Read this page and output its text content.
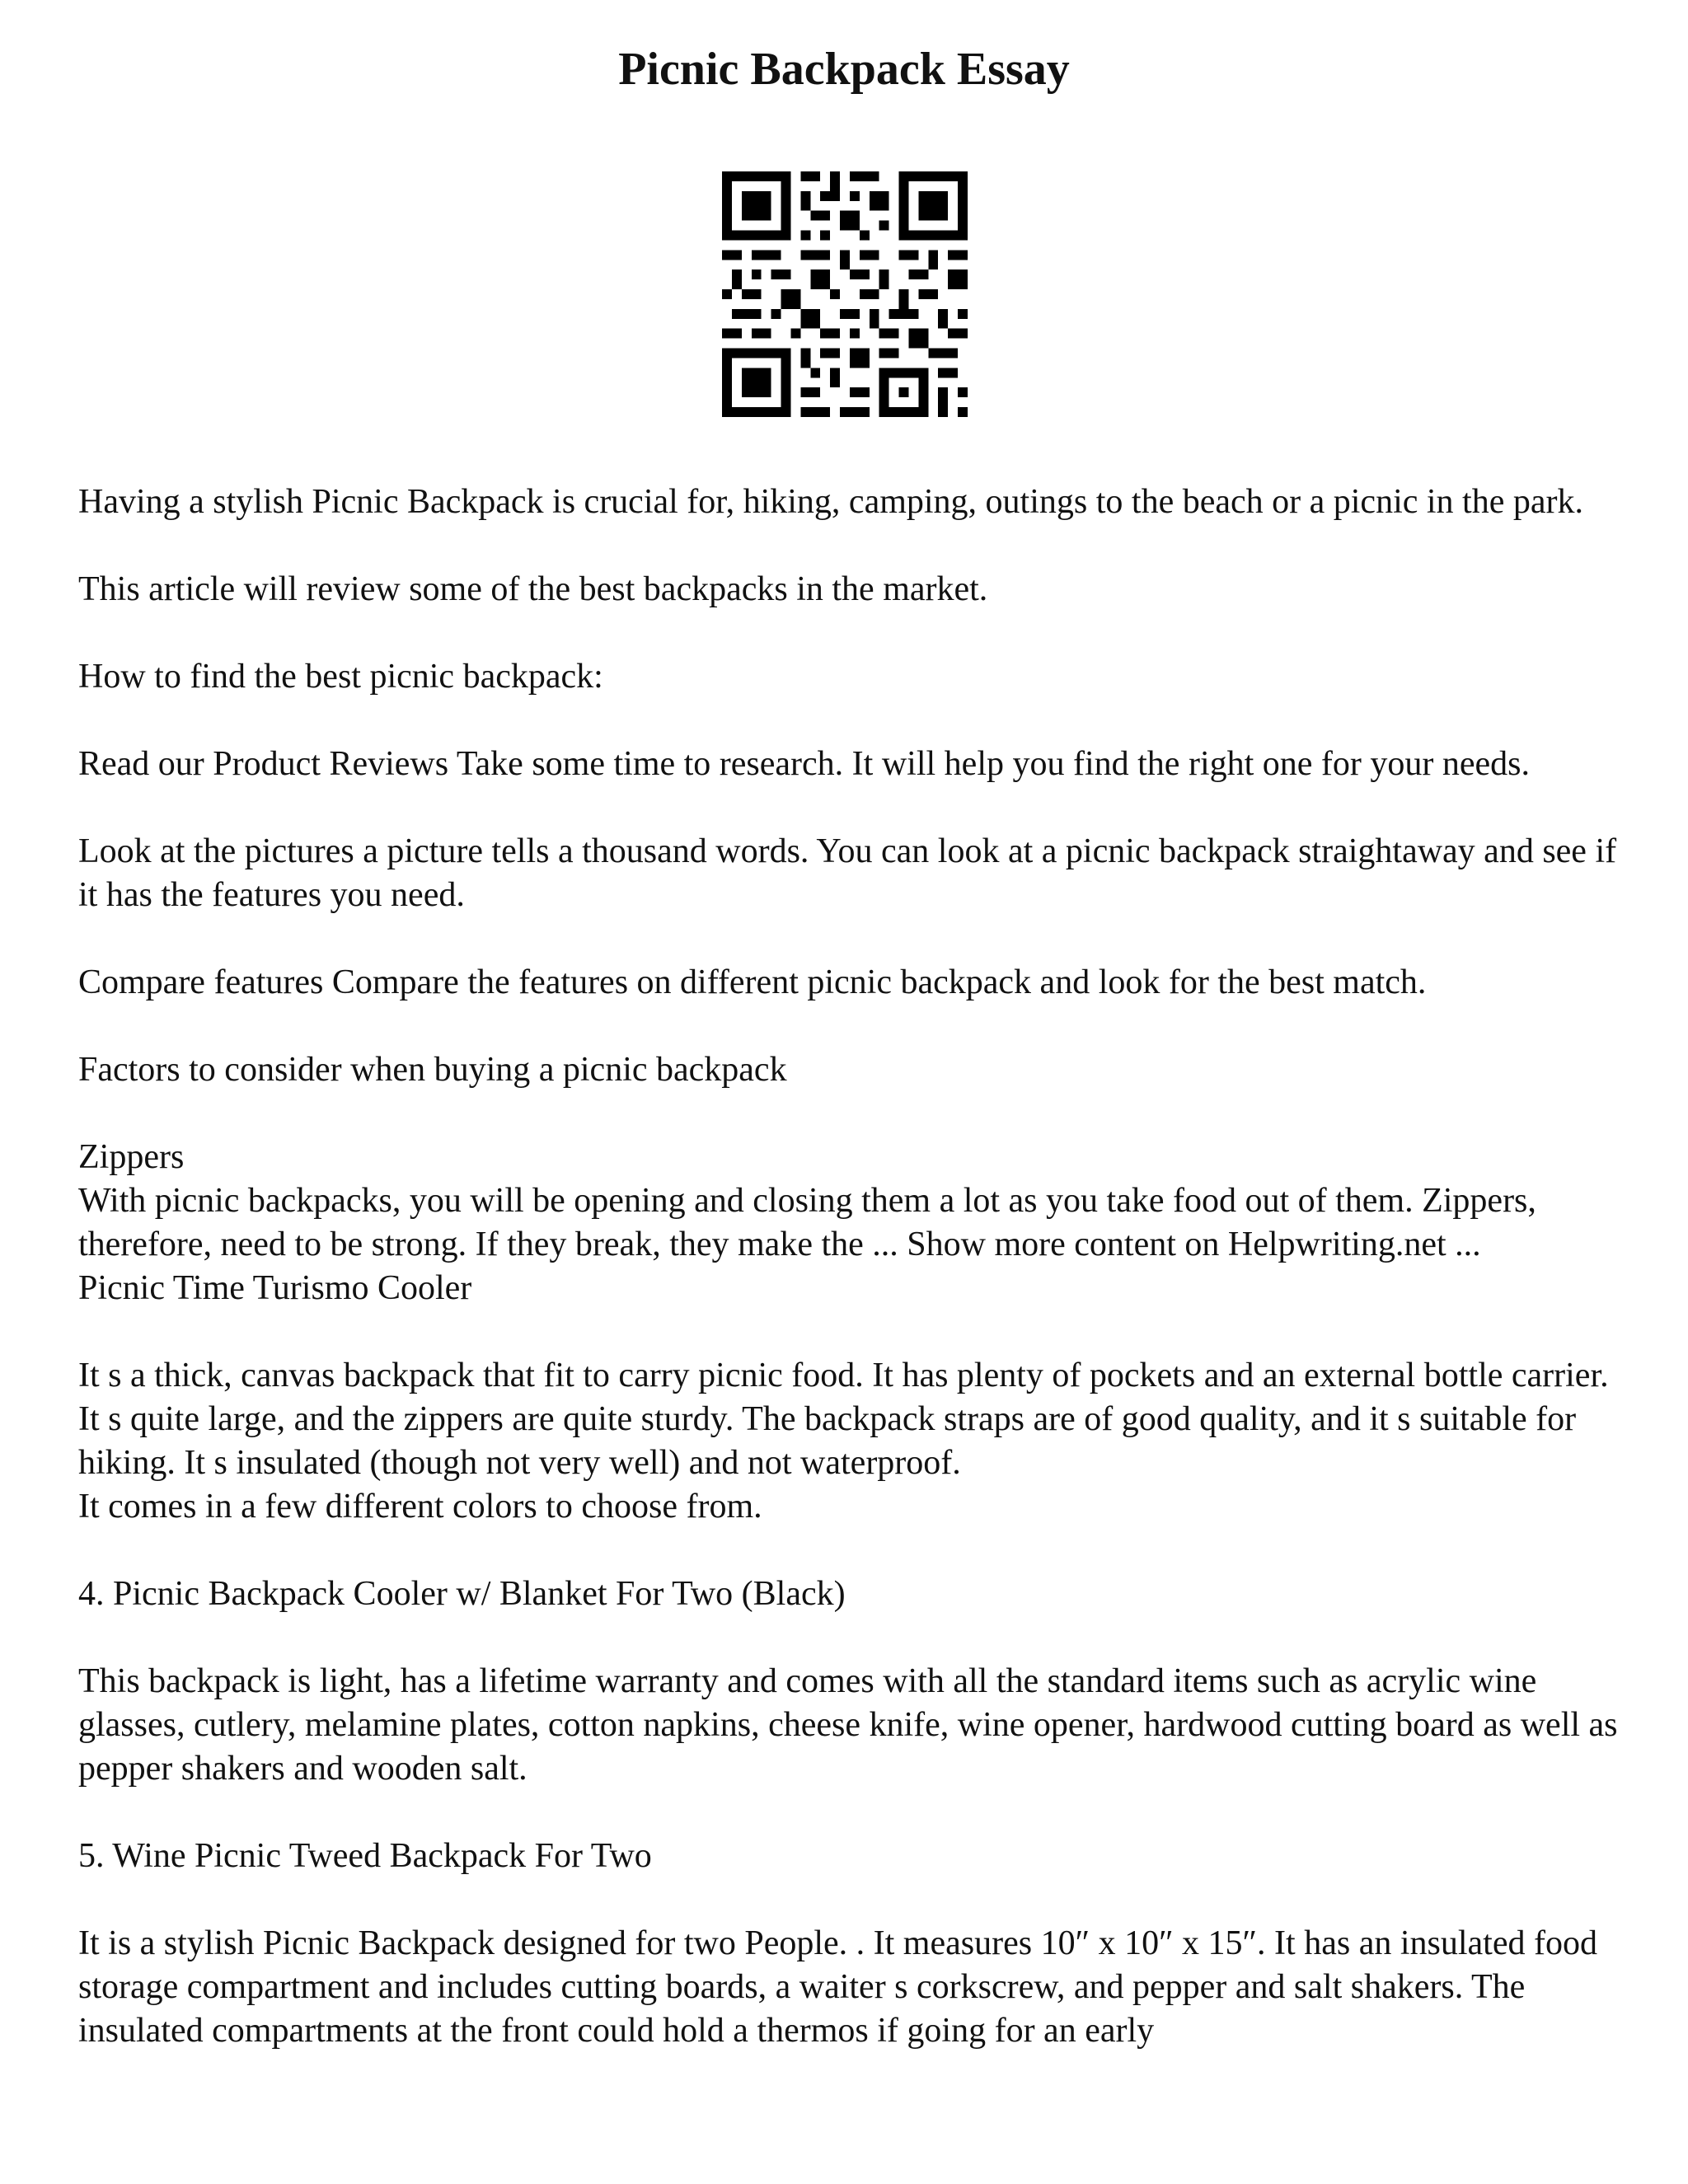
Picnic Backpack Essay

Having a stylish Picnic Backpack is crucial for, hiking, camping, outings to the beach or a picnic in the park.

This article will review some of the best backpacks in the market.

How to find the best picnic backpack:

Read our Product Reviews Take some time to research. It will help you find the right one for your needs.

Look at the pictures a picture tells a thousand words. You can look at a picnic backpack straightaway and see if it has the features you need.

Compare features Compare the features on different picnic backpack and look for the best match.

Factors to consider when buying a picnic backpack

Zippers

With picnic backpacks, you will be opening and closing them a lot as you take food out of them. Zippers, therefore, need to be strong. If they break, they make the ... Show more content on Helpwriting.net ...

Picnic Time Turismo Cooler

It s a thick, canvas backpack that fit to carry picnic food. It has plenty of pockets and an external bottle carrier. It s quite large, and the zippers are quite sturdy. The backpack straps are of good quality, and it s suitable for hiking. It s insulated (though not very well) and not waterproof.

It comes in a few different colors to choose from.

4. Picnic Backpack Cooler w/ Blanket For Two (Black)

This backpack is light, has a lifetime warranty and comes with all the standard items such as acrylic wine glasses, cutlery, melamine plates, cotton napkins, cheese knife, wine opener, hardwood cutting board as well as pepper shakers and wooden salt.

5. Wine Picnic Tweed Backpack For Two

It is a stylish Picnic Backpack designed for two People. . It measures 10″ x 10″ x 15″. It has an insulated food storage compartment and includes cutting boards, a waiter s corkscrew, and pepper and salt shakers. The insulated compartments at the front could hold a thermos if going for an early
